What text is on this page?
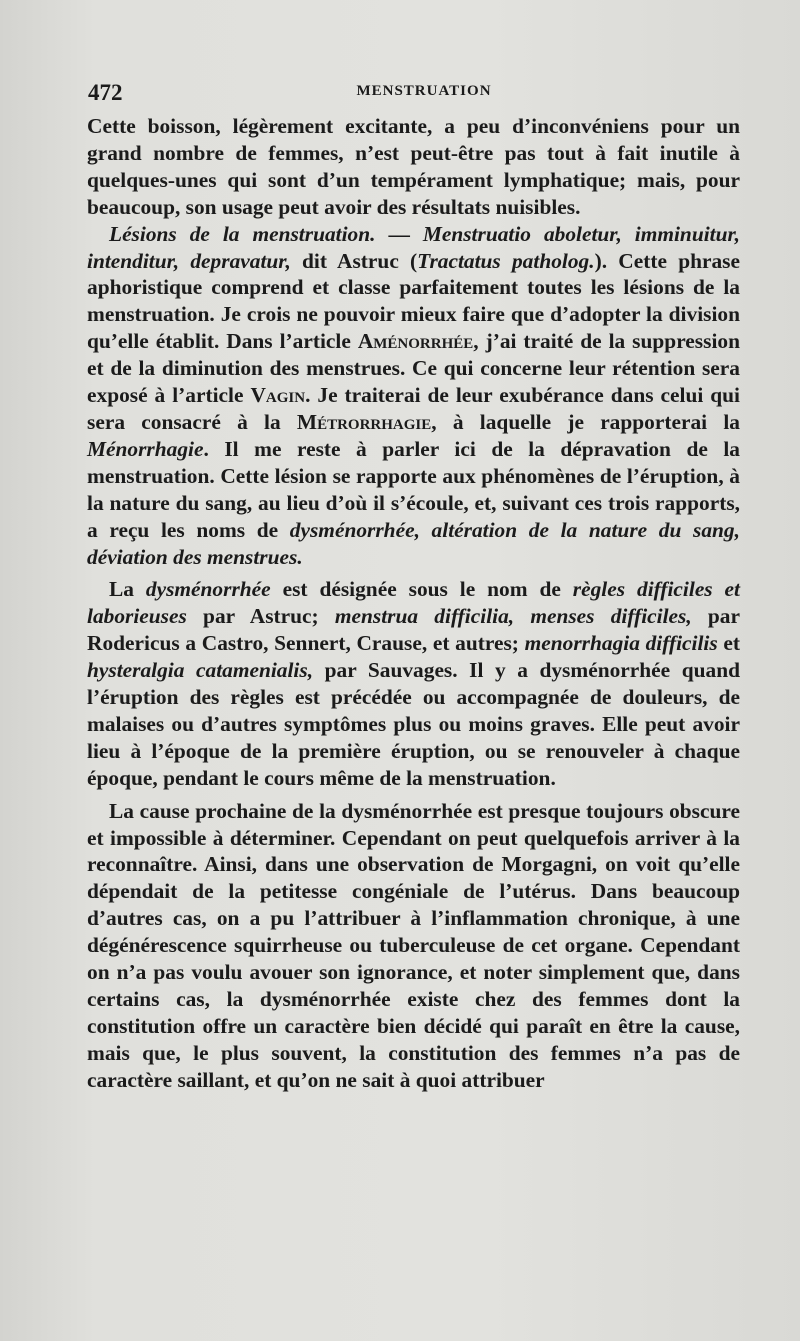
472	MENSTRUATION

Cette boisson, légèrement excitante, a peu d’inconvéniens pour un grand nombre de femmes, n’est peut-être pas tout à fait inutile à quelques-unes qui sont d’un tempérament lymphatique; mais, pour beaucoup, son usage peut avoir des résultats nuisibles.

Lésions de la menstruation. — Menstruatio aboletur, imminuitur, intenditur, depravatur, dit Astruc (Tractatus patholog.). Cette phrase aphoristique comprend et classe parfaitement toutes les lésions de la menstruation. Je crois ne pouvoir mieux faire que d’adopter la division qu’elle établit. Dans l’article Aménorrhée, j’ai traité de la suppression et de la diminution des menstrues. Ce qui concerne leur rétention sera exposé à l’article Vagin. Je traiterai de leur exubérance dans celui qui sera consacré à la Métrorrhagie, à laquelle je rapporterai la Ménorrhagie. Il me reste à parler ici de la dépravation de la menstruation. Cette lésion se rapporte aux phénomènes de l’éruption, à la nature du sang, au lieu d’où il s’écoule, et, suivant ces trois rapports, a reçu les noms de dysménorrhée, altération de la nature du sang, déviation des menstrues.

La dysménorrhée est désignée sous le nom de règles difficiles et laborieuses par Astruc; menstrua difficilia, menses difficiles, par Rodericus a Castro, Sennert, Crause, et autres; menorrhagia difficilis et hysteralgia catamenialis, par Sauvages. Il y a dysménorrhée quand l’éruption des règles est précédée ou accompagnée de douleurs, de malaises ou d’autres symptômes plus ou moins graves. Elle peut avoir lieu à l’époque de la première éruption, ou se renouveler à chaque époque, pendant le cours même de la menstruation.

La cause prochaine de la dysménorrhée est presque toujours obscure et impossible à déterminer. Cependant on peut quelquefois arriver à la reconnaître. Ainsi, dans une observation de Morgagni, on voit qu’elle dépendait de la petitesse congéniale de l’utérus. Dans beaucoup d’autres cas, on a pu l’attribuer à l’inflammation chronique, à une dégénérescence squirrheuse ou tuberculeuse de cet organe. Cependant on n’a pas voulu avouer son ignorance, et noter simplement que, dans certains cas, la dysménorrhée existe chez des femmes dont la constitution offre un caractère bien décidé qui paraît en être la cause, mais que, le plus souvent, la constitution des femmes n’a pas de caractère saillant, et qu’on ne sait à quoi attribuer
